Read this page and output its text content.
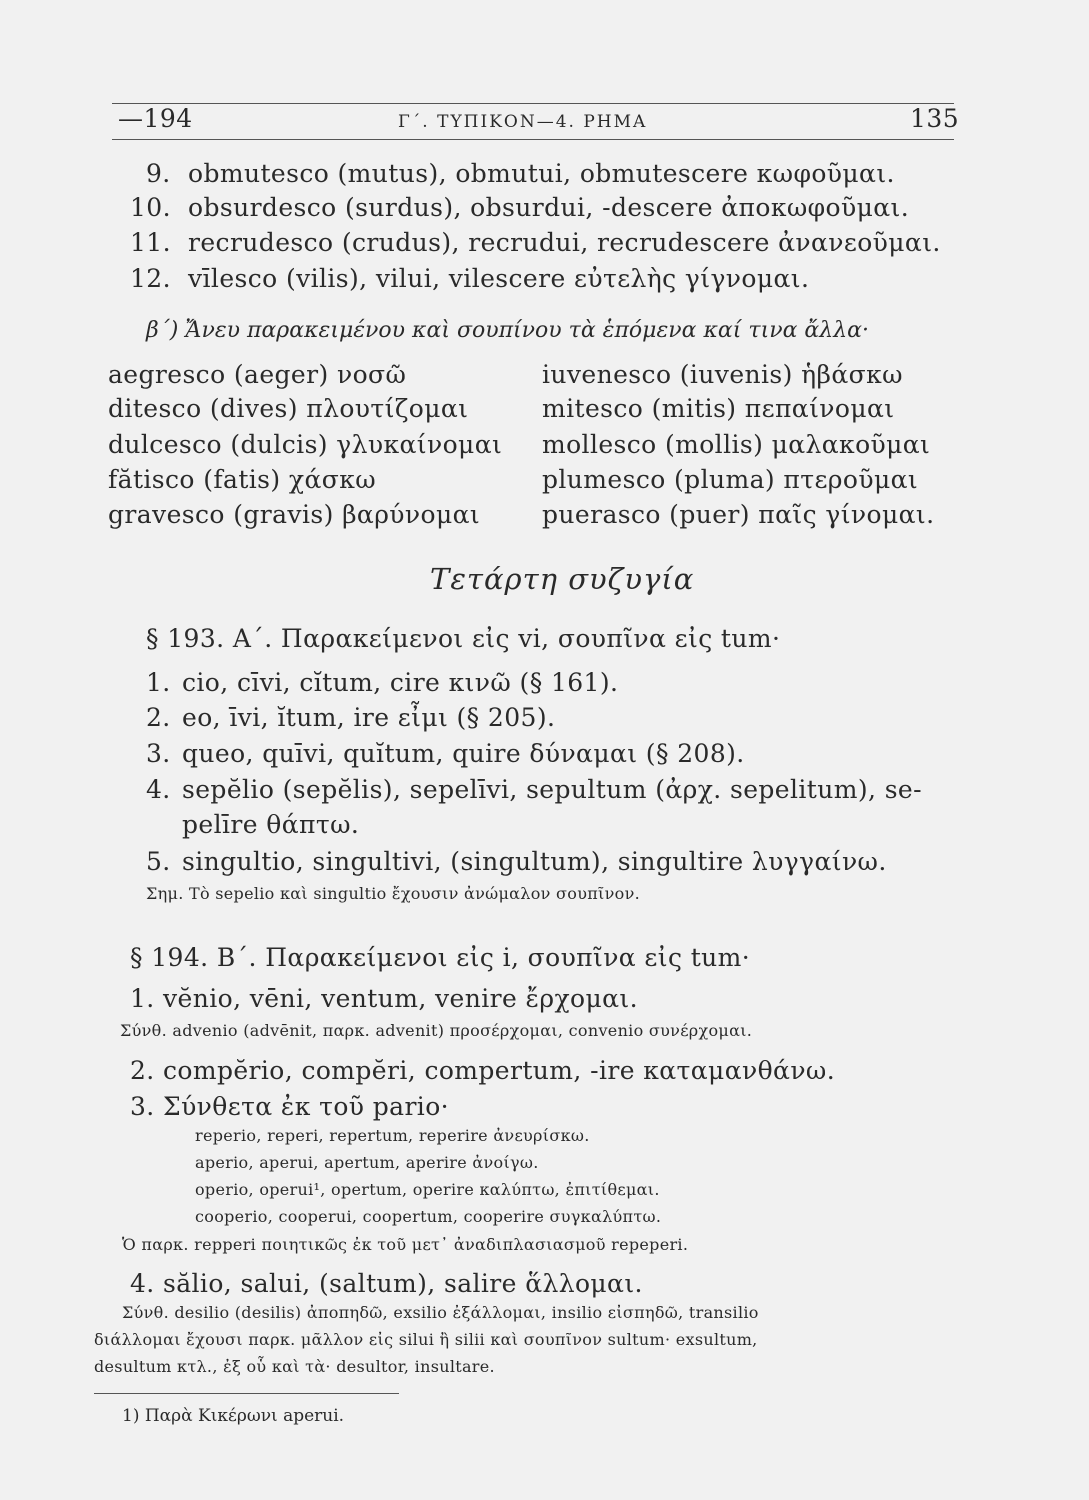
—194	Γ΄. ΤΥΠΙΚΟΝ—4. ΡΗΜΑ	135
9. obmutesco (mutus), obmutui, obmutescere κωφοῦμαι.
10. obsurdesco (surdus), obsurdui, -descere ἀποκωφοῦμαι.
11. recrudesco (crudus), recrudui, recrudescere ἀνανεοῦμαι.
12. vīlesco (vilis), vilui, vilescere εὐτελὴς γίγνομαι.
β΄) Ἄνευ παρακειμένου καὶ σουπίνου τὰ ἑπόμενα καί τινα ἄλλα·
aegresco (aeger) νοσῶ
ditesco (dives) πλουτίζομαι
dulcesco (dulcis) γλυκαίνομαι
fătisco (fatis) χάσκω
gravesco (gravis) βαρύνομαι
iuvenesco (iuvenis) ἡβάσκω
mitesco (mitis) πεπαίνομαι
mollesco (mollis) μαλακοῦμαι
plumesco (pluma) πτεροῦμαι
puerasco (puer) παῖς γίνομαι.
Τετάρτη συζυγία
§ 193. Α΄. Παρακείμενοι εἰς vi, σουπῖνα εἰς tum·
1. cio, cīvi, cĭtum, cire κινῶ (§ 161).
2. eo, īvi, ĭtum, ire εἶμι (§ 205).
3. queo, quīvi, quĭtum, quire δύναμαι (§ 208).
4. sepĕlio (sepĕlis), sepelīvi, sepultum (ἀρχ. sepelitum), se-
pelīre θάπτω.
5. singultio, singultivi, (singultum), singultire λυγγαίνω.
Σημ. Τὸ sepelio καὶ singultio ἔχουσιν ἀνώμαλον σουπῖνον.
§ 194. Β΄. Παρακείμενοι εἰς i, σουπῖνα εἰς tum·
1. vĕnio, vēni, ventum, venire ἔρχομαι.
Σύνθ. advenio (advēnit, παρκ. advenit) προσέρχομαι, convenio συνέρχομαι.
2. compĕrio, compĕri, compertum, -ire καταμανθάνω.
3. Σύνθετα ἐκ τοῦ pario·
reperio, reperi, repertum, reperire ἀνευρίσκω.
aperio, aperui, apertum, aperire ἀνοίγω.
operio, operui¹, opertum, operire καλύπτω, ἐπιτίθεμαι.
cooperio, cooperui, coopertum, cooperire συγκαλύπτω.
Ὁ παρκ. repperi ποιητικῶς ἐκ τοῦ μετ᾽ ἀναδιπλασιασμοῦ repeperi.
4. sălio, salui, (saltum), salire ἅλλομαι.
Σύνθ. desilio (desilis) ἀποπηδῶ, exsilio ἐξάλλομαι, insilio εἰσπηδῶ, transilio
διάλλομαι ἔχουσι παρκ. μᾶλλον εἰς silui ἢ silii καὶ σουπῖνον sultum· exsultum,
desultum κτλ., ἐξ οὗ καὶ τὰ· desultor, insultare.
1) Παρὰ Κικέρωνι aperui.
